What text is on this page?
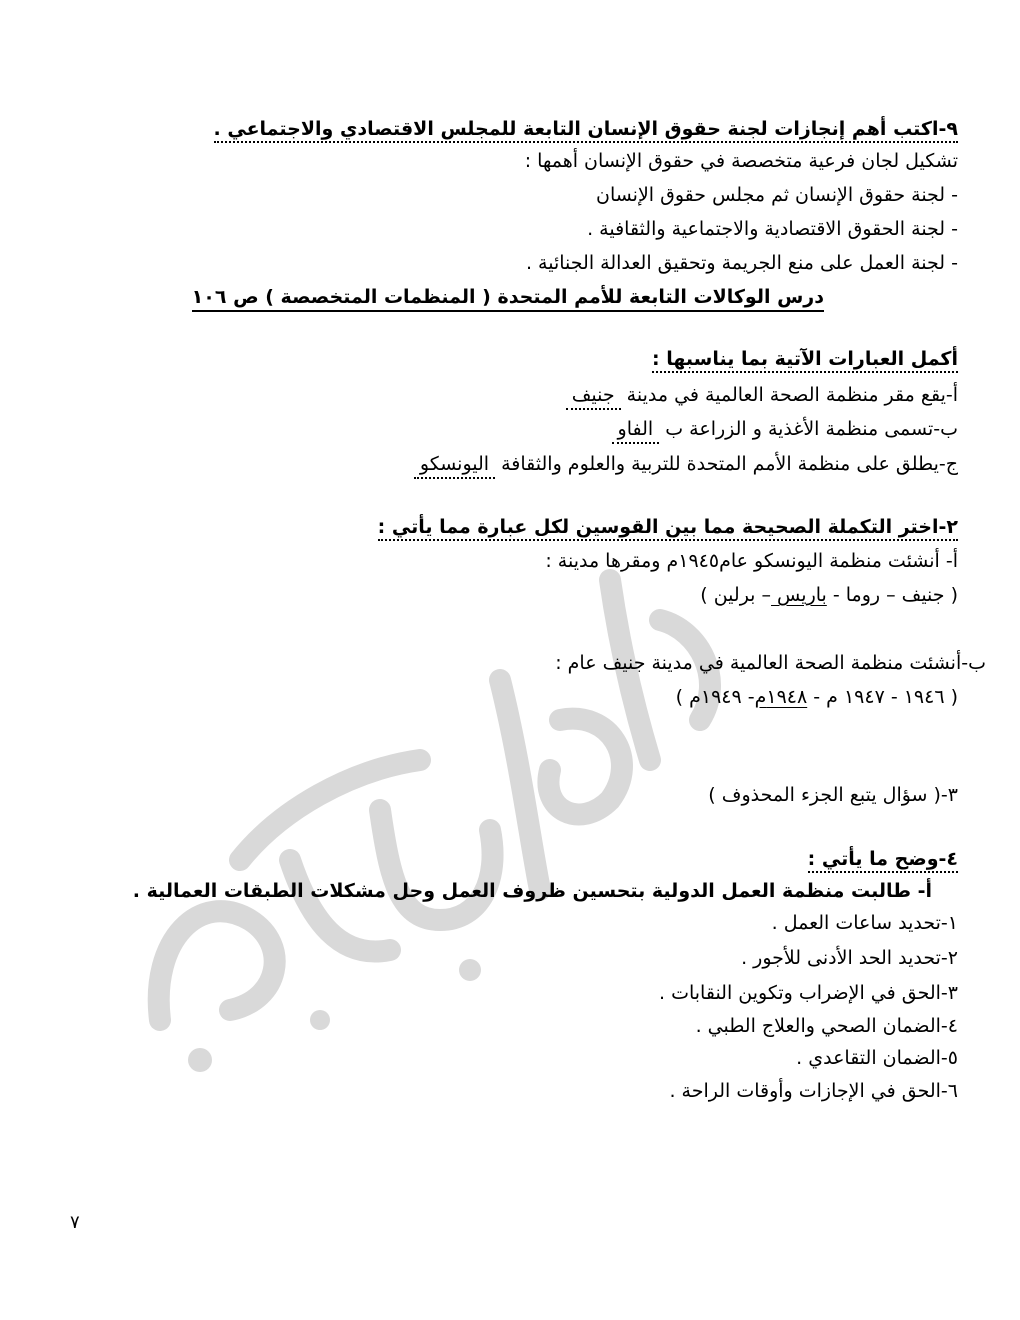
٩-اكتب أهم إنجازات لجنة حقوق الإنسان التابعة للمجلس الاقتصادي والاجتماعي .
تشكيل لجان فرعية متخصصة في حقوق الإنسان أهمها :
- لجنة حقوق الإنسان ثم مجلس حقوق الإنسان
- لجنة الحقوق الاقتصادية والاجتماعية والثقافية .
- لجنة العمل على منع الجريمة وتحقيق العدالة الجنائية .
درس الوكالات التابعة للأمم المتحدة ( المنظمات المتخصصة ) ص ١٠٦
أكمل العبارات الآتية بما يناسبها :
أ-يقع مقر منظمة الصحة العالمية في مدينة جنيف
ب-تسمى منظمة الأغذية و الزراعة ب الفاو
ج-يطلق على منظمة الأمم المتحدة للتربية والعلوم والثقافة اليونسكو
٢-اختر التكملة الصحيحة مما بين القوسين لكل عبارة مما يأتي :
أ- أنشئت منظمة اليونسكو عام١٩٤٥م ومقرها مدينة :
( جنيف – روما - باريس – برلين )
ب-أنشئت منظمة الصحة العالمية في مدينة جنيف عام :
( ١٩٤٦ - ١٩٤٧ م - ١٩٤٨م- ١٩٤٩م )
٣-( سؤال يتبع الجزء المحذوف )
٤-وضح ما يأتي :
أ- طالبت منظمة العمل الدولية بتحسين ظروف العمل وحل مشكلات الطبقات العمالية .
١-تحديد ساعات العمل .
٢-تحديد الحد الأدنى للأجور .
٣-الحق في الإضراب وتكوين النقابات .
٤-الضمان الصحي والعلاج الطبي .
٥-الضمان التقاعدي .
٦-الحق في الإجازات وأوقات الراحة .
٧
